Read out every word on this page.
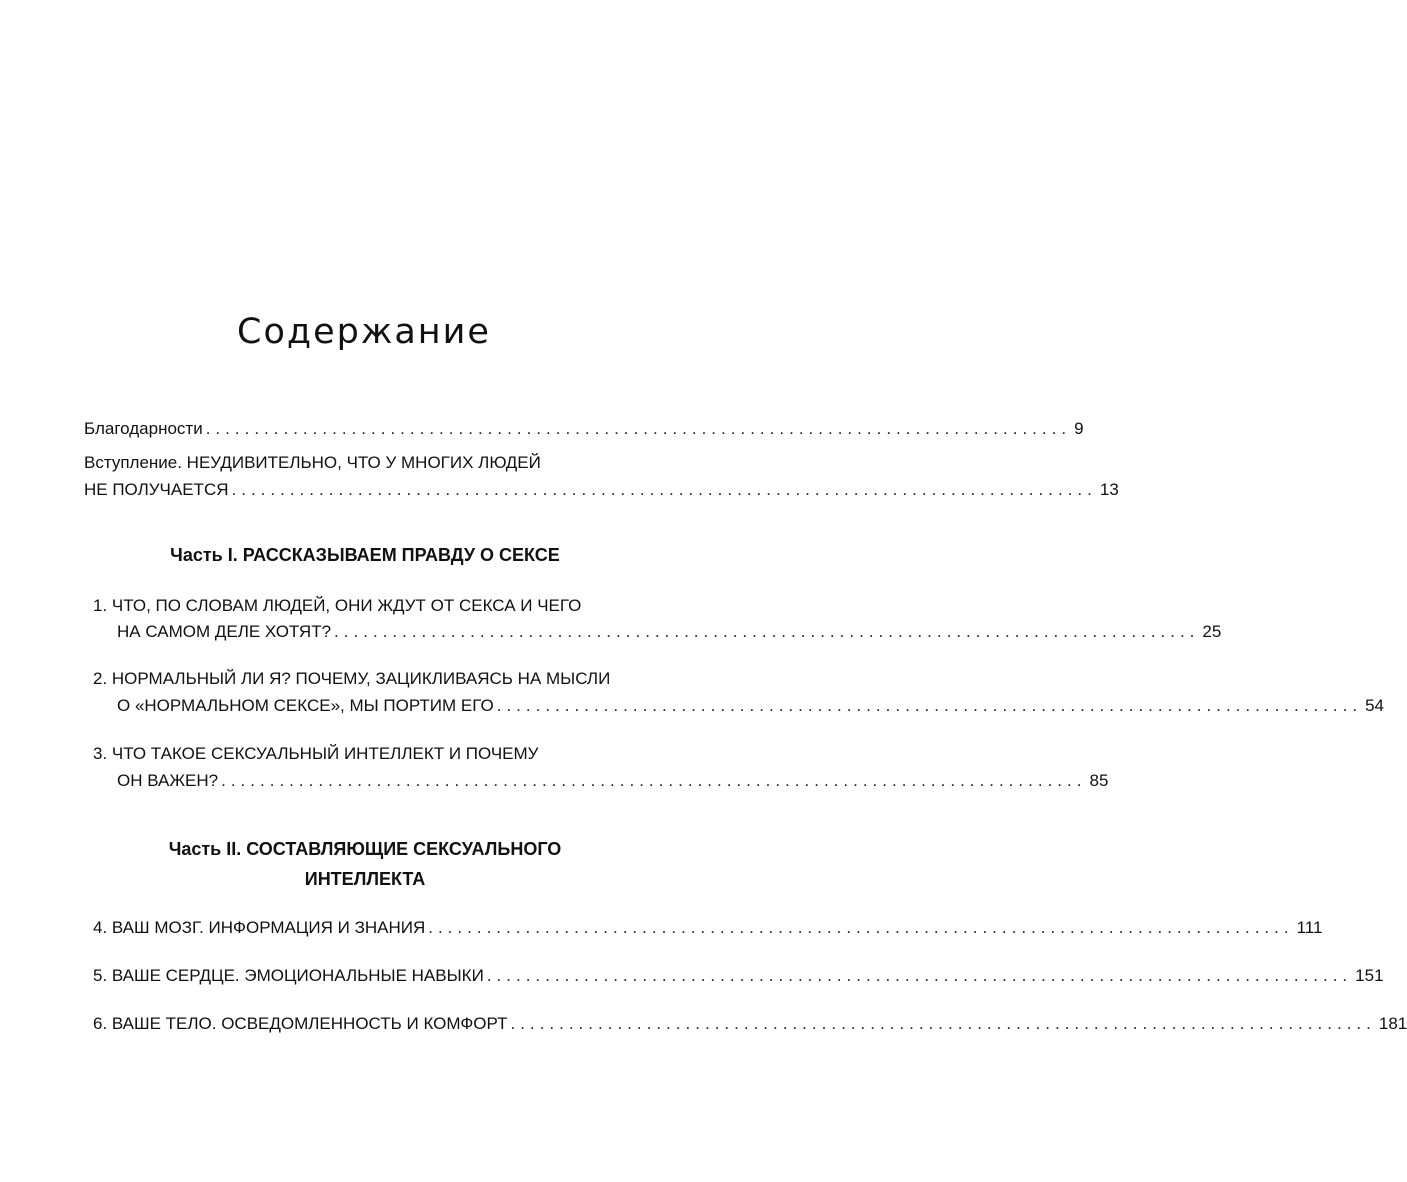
Содержание
Благодарности ......................................................................................... 9
Вступление. НЕУДИВИТЕЛЬНО, ЧТО У МНОГИХ ЛЮДЕЙ
НЕ ПОЛУЧАЕТСЯ ......................................................................................... 13
Часть I. РАССКАЗЫВАЕМ ПРАВДУ О СЕКСЕ
1. ЧТО, ПО СЛОВАМ ЛЮДЕЙ, ОНИ ЖДУТ ОТ СЕКСА И ЧЕГО
НА САМОМ ДЕЛЕ ХОТЯТ? ......................................................................................... 25
2. НОРМАЛЬНЫЙ ЛИ Я? ПОЧЕМУ, ЗАЦИКЛИВАЯСЬ НА МЫСЛИ
О «НОРМАЛЬНОМ СЕКСЕ», МЫ ПОРТИМ ЕГО ......................................................................................... 54
3. ЧТО ТАКОЕ СЕКСУАЛЬНЫЙ ИНТЕЛЛЕКТ И ПОЧЕМУ
ОН ВАЖЕН? ......................................................................................... 85
Часть II. СОСТАВЛЯЮЩИЕ СЕКСУАЛЬНОГО
ИНТЕЛЛЕКТА
4. ВАШ МОЗГ. ИНФОРМАЦИЯ И ЗНАНИЯ ......................................................................................... 111
5. ВАШЕ СЕРДЦЕ. ЭМОЦИОНАЛЬНЫЕ НАВЫКИ ......................................................................................... 151
6. ВАШЕ ТЕЛО. ОСВЕДОМЛЕННОСТЬ И КОМФОРТ ......................................................................................... 181
